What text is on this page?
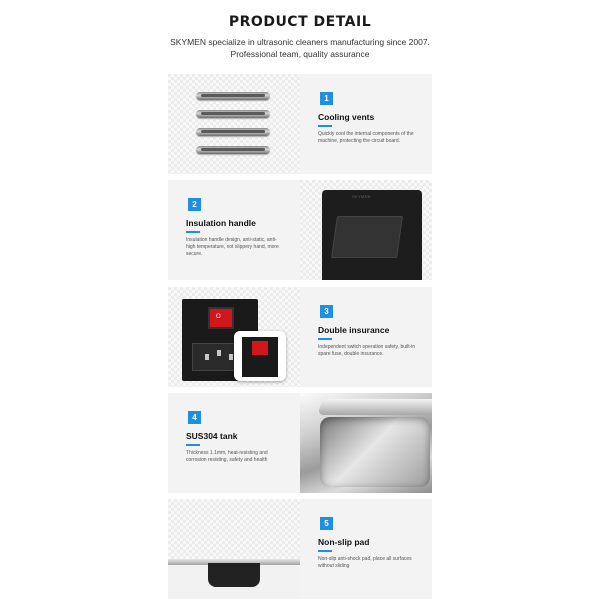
PRODUCT DETAIL
SKYMEN specialize in ultrasonic cleaners manufacturing since 2007. Professional team, quality assurance
1
Cooling vents
Quickly cool the internal components of the machine, protecting the circuit board.
2
Insulation handle
Insulation handle design, anti-static, anti-high temperature, not slippery hand, more secure.
SKYMEN
O
3
Double insurance
Independent switch operation safety, built-in spare fuse, double insurance.
4
SUS304 tank
Thickness 1.1mm, heat-resisting and corrosion resisting, safety and health
5
Non-slip pad
Non-slip anti-shock pad, place all surfaces without sliding
